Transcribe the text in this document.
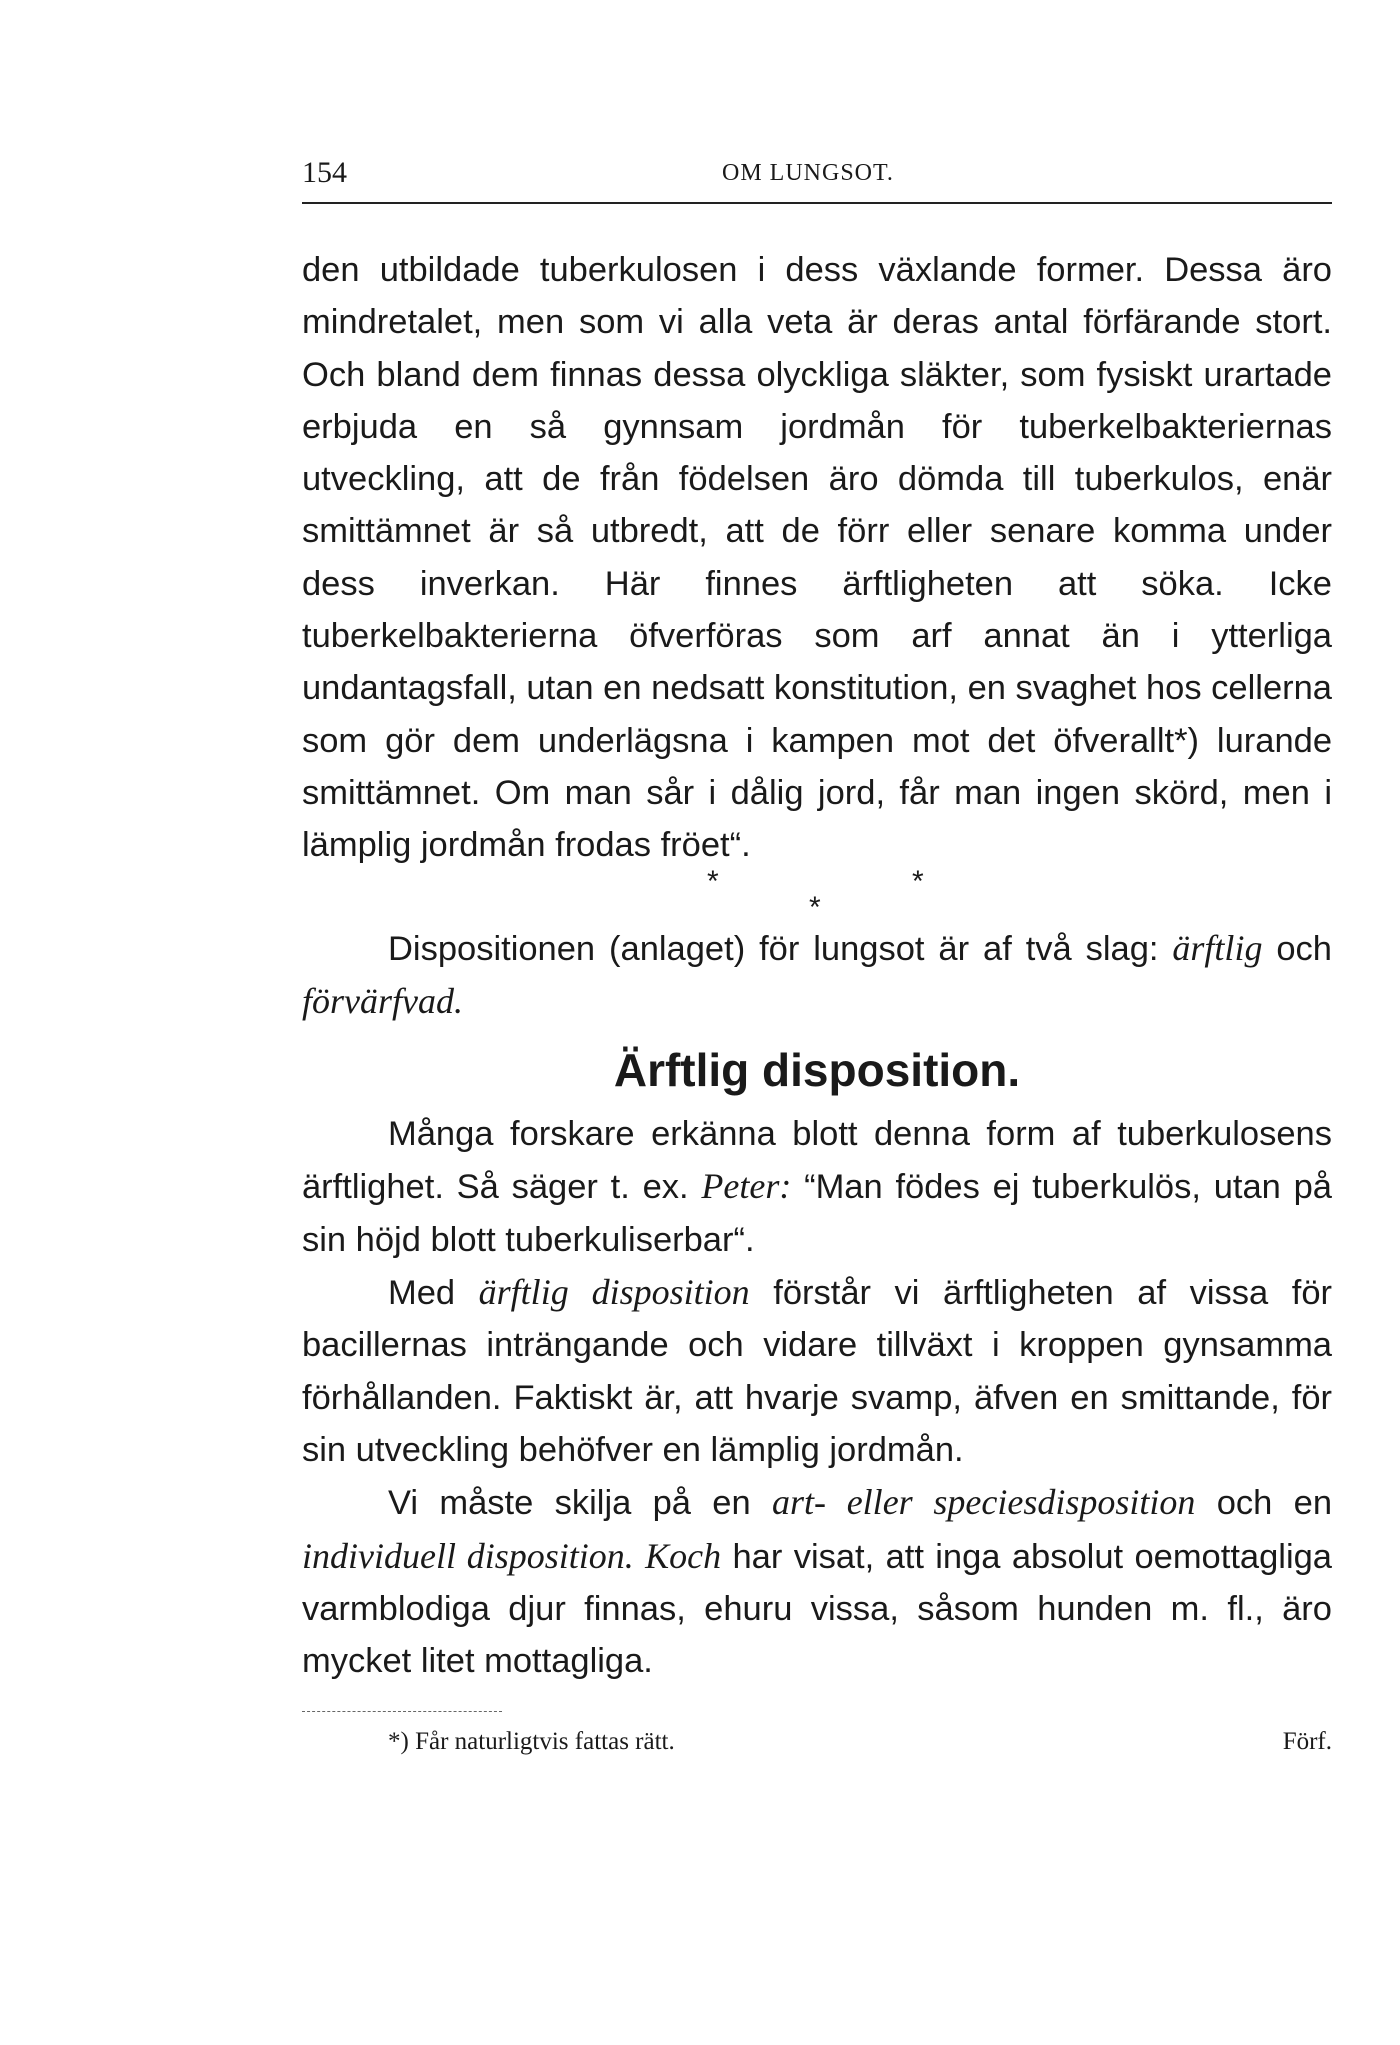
154	OM LUNGSOT.

den utbildade tuberkulosen i dess växlande former. Dessa äro mindretalet, men som vi alla veta är deras antal förfärande stort. Och bland dem finnas dessa olyckliga släkter, som fysiskt urartade erbjuda en så gynnsam jordmån för tuberkelbakteriernas utveckling, att de från födelsen äro dömda till tuberkulos, enär smittämnet är så utbredt, att de förr eller senare komma under dess inverkan. Här finnes ärftligheten att söka. Icke tuberkelbakterierna öfverföras som arf annat än i ytterliga undantagsfall, utan en nedsatt konstitution, en svaghet hos cellerna som gör dem underlägsna i kampen mot det öfverallt*) lurande smittämnet. Om man sår i dålig jord, får man ingen skörd, men i lämplig jordmån frodas fröet“.

*	*
*

Dispositionen (anlaget) för lungsot är af två slag: ärftlig och förvärfvad.

Ärftlig disposition.

Många forskare erkänna blott denna form af tuberkulosens ärftlighet. Så säger t. ex. Peter: “Man födes ej tuberkulös, utan på sin höjd blott tuberkuliserbar“.

Med ärftlig disposition förstår vi ärftligheten af vissa för bacillernas inträngande och vidare tillväxt i kroppen gynsamma förhållanden. Faktiskt är, att hvarje svamp, äfven en smittande, för sin utveckling behöfver en lämplig jordmån.

Vi måste skilja på en art- eller speciesdisposition och en individuell disposition. Koch har visat, att inga absolut oemottagliga varmblodiga djur finnas, ehuru vissa, såsom hunden m. fl., äro mycket litet mottagliga.

*) Får naturligtvis fattas rätt.	Förf.
